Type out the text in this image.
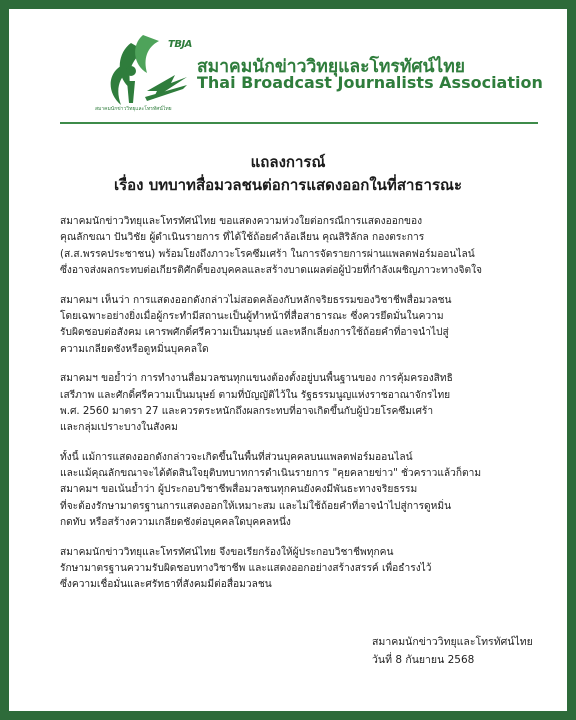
TBJA
สมาคมนักข่าววิทยุและโทรทัศน์ไทย
สมาคมนักข่าววิทยุและโทรทัศน์ไทย
Thai Broadcast Journalists Association
แถลงการณ์
เรื่อง บทบาทสื่อมวลชนต่อการแสดงออกในที่สาธารณะ
สมาคมนักข่าววิทยุและโทรทัศน์ไทย ขอแสดงความห่วงใยต่อกรณีการแสดงออกของ
คุณลักขณา ปันวิชัย ผู้ดำเนินรายการ ที่ได้ใช้ถ้อยคำล้อเลียน คุณสิริลักล กองตระการ
(ส.ส.พรรคประชาชน) พร้อมโยงถึงภาวะโรคซึมเศร้า ในการจัดรายการผ่านแพลตฟอร์มออนไลน์
ซึ่งอาจส่งผลกระทบต่อเกียรติศักดิ์ของบุคคลและสร้างบาดแผลต่อผู้ป่วยที่กำลังเผชิญภาวะทางจิตใจ
สมาคมฯ เห็นว่า การแสดงออกดังกล่าวไม่สอดคล้องกับหลักจริยธรรมของวิชาชีพสื่อมวลชน
โดยเฉพาะอย่างยิ่งเมื่อผู้กระทำมีสถานะเป็นผู้ทำหน้าที่สื่อสาธารณะ ซึ่งควรยึดมั่นในความ
รับผิดชอบต่อสังคม เคารพศักดิ์ศรีความเป็นมนุษย์ และหลีกเลี่ยงการใช้ถ้อยคำที่อาจนำไปสู่
ความเกลียดชังหรือดูหมิ่นบุคคลใด
สมาคมฯ ขอย้ำว่า การทำงานสื่อมวลชนทุกแขนงต้องตั้งอยู่บนพื้นฐานของ การคุ้มครองสิทธิ
เสรีภาพ และศักดิ์ศรีความเป็นมนุษย์ ตามที่บัญญัติไว้ใน รัฐธรรมนูญแห่งราชอาณาจักรไทย
พ.ศ. 2560 มาตรา 27 และควรตระหนักถึงผลกระทบที่อาจเกิดขึ้นกับผู้ป่วยโรคซึมเศร้า
และกลุ่มเปราะบางในสังคม
ทั้งนี้ แม้การแสดงออกดังกล่าวจะเกิดขึ้นในพื้นที่ส่วนบุคคลบนแพลตฟอร์มออนไลน์
และแม้คุณลักขณาจะได้ตัดสินใจยุติบทบาทการดำเนินรายการ "คุยคลายข่าว" ชั่วคราวแล้วก็ตาม
สมาคมฯ ขอเน้นย้ำว่า ผู้ประกอบวิชาชีพสื่อมวลชนทุกคนยังคงมีพันธะทางจริยธรรม
ที่จะต้องรักษามาตรฐานการแสดงออกให้เหมาะสม และไม่ใช้ถ้อยคำที่อาจนำไปสู่การดูหมิ่น
กดทับ หรือสร้างความเกลียดชังต่อบุคคลใดบุคคลหนึ่ง
สมาคมนักข่าววิทยุและโทรทัศน์ไทย จึงขอเรียกร้องให้ผู้ประกอบวิชาชีพทุกคน
รักษามาตรฐานความรับผิดชอบทางวิชาชีพ และแสดงออกอย่างสร้างสรรค์ เพื่อธำรงไว้
ซึ่งความเชื่อมั่นและศรัทธาที่สังคมมีต่อสื่อมวลชน
สมาคมนักข่าววิทยุและโทรทัศน์ไทย
วันที่ 8 กันยายน 2568
